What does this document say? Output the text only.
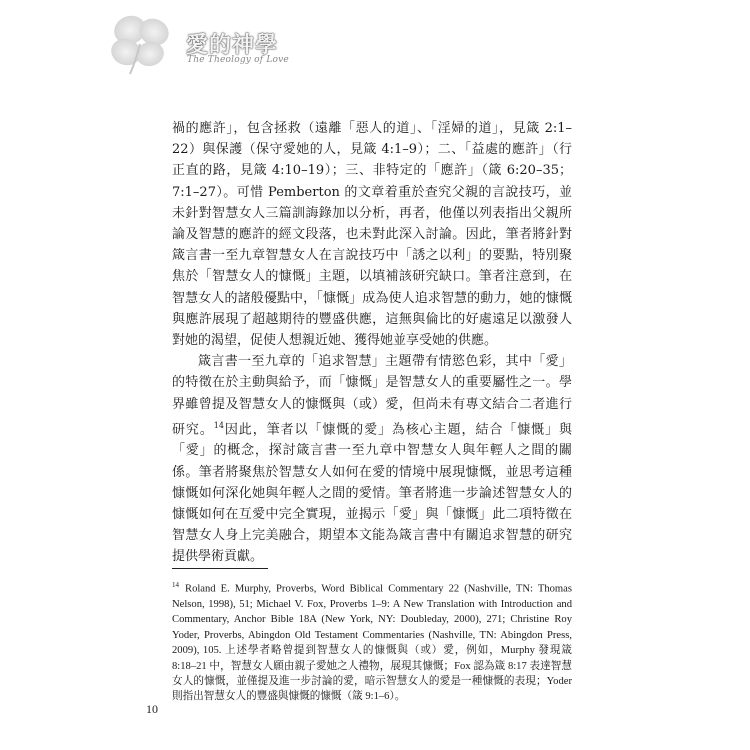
愛的神學
The Theology of Love

禍的應許」，包含拯救（遠離「惡人的道」、「淫婦的道」，見箴 2:1–22）與保護（保守愛她的人，見箴 4:1–9）；二、「益處的應許」（行正直的路，見箴 4:10–19）；三、非特定的「應許」（箴 6:20–35；7:1–27）。可惜 Pemberton 的文章着重於查究父親的言說技巧，並未針對智慧女人三篇訓誨錄加以分析，再者，他僅以列表指出父親所論及智慧的應許的經文段落，也未對此深入討論。因此，筆者將針對箴言書一至九章智慧女人在言說技巧中「誘之以利」的要點，特別聚焦於「智慧女人的慷慨」主題，以填補該研究缺口。筆者注意到，在智慧女人的諸般優點中，「慷慨」成為使人追求智慧的動力，她的慷慨與應許展現了超越期待的豐盛供應，這無與倫比的好處遠足以激發人對她的渴望，促使人想親近她、獲得她並享受她的供應。

箴言書一至九章的「追求智慧」主題帶有情慾色彩，其中「愛」的特徵在於主動與給予，而「慷慨」是智慧女人的重要屬性之一。學界雖曾提及智慧女人的慷慨與（或）愛，但尚未有專文結合二者進行研究。$^{14}$因此，筆者以「慷慨的愛」為核心主題，結合「慷慨」與「愛」的概念，探討箴言書一至九章中智慧女人與年輕人之間的關係。筆者將聚焦於智慧女人如何在愛的情境中展現慷慨，並思考這種慷慨如何深化她與年輕人之間的愛情。筆者將進一步論述智慧女人的慷慨如何在互愛中完全實現，並揭示「愛」與「慷慨」此二項特徵在智慧女人身上完美融合，期望本文能為箴言書中有關追求智慧的研究提供學術貢獻。

$^{14}$ Roland E. Murphy, Proverbs, Word Biblical Commentary 22 (Nashville, TN: Thomas Nelson, 1998), 51; Michael V. Fox, Proverbs 1–9: A New Translation with Introduction and Commentary, Anchor Bible 18A (New York, NY: Doubleday, 2000), 271; Christine Roy Yoder, Proverbs, Abingdon Old Testament Commentaries (Nashville, TN: Abingdon Press, 2009), 105. 上述學者略曾提到智慧女人的慷慨與（或）愛，例如，Murphy 發現箴 8:18–21 中，智慧女人願由親子愛她之人禮物，展現其慷慨；Fox 認為箴 8:17 表達智慧女人的慷慨，並僅提及進一步討論的愛，暗示智慧女人的愛是一種慷慨的表現；Yoder 則指出智慧女人的豐盛與慷慨的慷慨（箴 9:1–6）。
10
